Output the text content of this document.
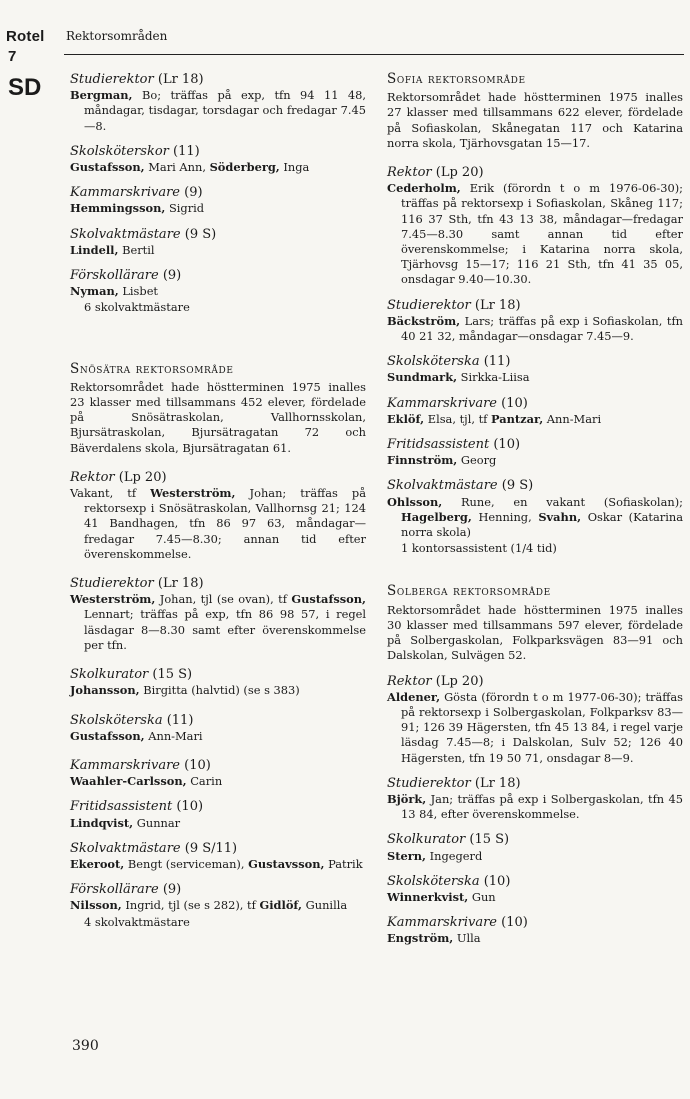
Rotel Rektorsområden
7
SD Studierektor (Lr 18)
Bergman, Bo; träffas på exp, tfn 94 11 48, måndagar, tisdagar, torsdagar och fredagar 7.45—8.
Skolsköterskor (11)
Gustafsson, Mari Ann, Söderberg, Inga
Kammarskrivare (9)
Hemmingsson, Sigrid
Skolvaktmästare (9 S)
Lindell, Bertil
Förskollärare (9)
Nyman, Lisbet
6 skolvaktmästare
Snösätra rektorsområde
Rektorsområdet hade höstterminen 1975 inalles 23 klasser med tillsammans 452 elever, fördelade på Snösätraskolan, Vallhornsskolan, Bjursätraskolan, Bjursätragatan 72 och Bäverdalens skola, Bjursätragatan 61.
Rektor (Lp 20)
Vakant, tf Westerström, Johan; träffas på rektorsexp i Snösätraskolan, Vallhornsg 21; 124 41 Bandhagen, tfn 86 97 63, måndagar—fredagar 7.45—8.30; annan tid efter överenskommelse.
Studierektor (Lr 18)
Westerström, Johan, tjl (se ovan), tf Gustafsson, Lennart; träffas på exp, tfn 86 98 57, i regel läsdagar 8—8.30 samt efter överenskommelse per tfn.
Skolkurator (15 S)
Johansson, Birgitta (halvtid) (se s 383)
Skolsköterska (11)
Gustafsson, Ann-Mari
Kammarskrivare (10)
Waahler-Carlsson, Carin
Fritidsassistent (10)
Lindqvist, Gunnar
Skolvaktmästare (9 S/11)
Ekeroot, Bengt (serviceman), Gustavsson, Patrik
Förskollärare (9)
Nilsson, Ingrid, tjl (se s 282), tf Gidlöf, Gunilla
4 skolvaktmästare
Sofia rektorsområde
Rektorsområdet hade höstterminen 1975 inalles 27 klasser med tillsammans 622 elever, fördelade på Sofiaskolan, Skånegatan 117 och Katarina norra skola, Tjärhovsgatan 15—17.
Rektor (Lp 20)
Cederholm, Erik (förordn t o m 1976-06-30); träffas på rektorsexp i Sofiaskolan, Skåneg 117; 116 37 Sth, tfn 43 13 38, måndagar—fredagar 7.45—8.30 samt annan tid efter överenskommelse; i Katarina norra skola, Tjärhovsg 15—17; 116 21 Sth, tfn 41 35 05, onsdagar 9.40—10.30.
Studierektor (Lr 18)
Bäckström, Lars; träffas på exp i Sofiaskolan, tfn 40 21 32, måndagar—onsdagar 7.45—9.
Skolsköterska (11)
Sundmark, Sirkka-Liisa
Kammarskrivare (10)
Eklöf, Elsa, tjl, tf Pantzar, Ann-Mari
Fritidsassistent (10)
Finnström, Georg
Skolvaktmästare (9 S)
Ohlsson, Rune, en vakant (Sofiaskolan); Hagelberg, Henning, Svahn, Oskar (Katarina norra skola)
1 kontorsassistent (1/4 tid)
Solberga rektorsområde
Rektorsområdet hade höstterminen 1975 inalles 30 klasser med tillsammans 597 elever, fördelade på Solbergaskolan, Folkparksvägen 83—91 och Dalskolan, Sulvägen 52.
Rektor (Lp 20)
Aldener, Gösta (förordn t o m 1977-06-30); träffas på rektorsexp i Solbergaskolan, Folkparksv 83—91; 126 39 Hägersten, tfn 45 13 84, i regel varje läsdag 7.45—8; i Dalskolan, Sulv 52; 126 40 Hägersten, tfn 19 50 71, onsdagar 8—9.
Studierektor (Lr 18)
Björk, Jan; träffas på exp i Solbergaskolan, tfn 45 13 84, efter överenskommelse.
Skolkurator (15 S)
Stern, Ingegerd
Skolsköterska (10)
Winnerkvist, Gun
Kammarskrivare (10)
Engström, Ulla
390
